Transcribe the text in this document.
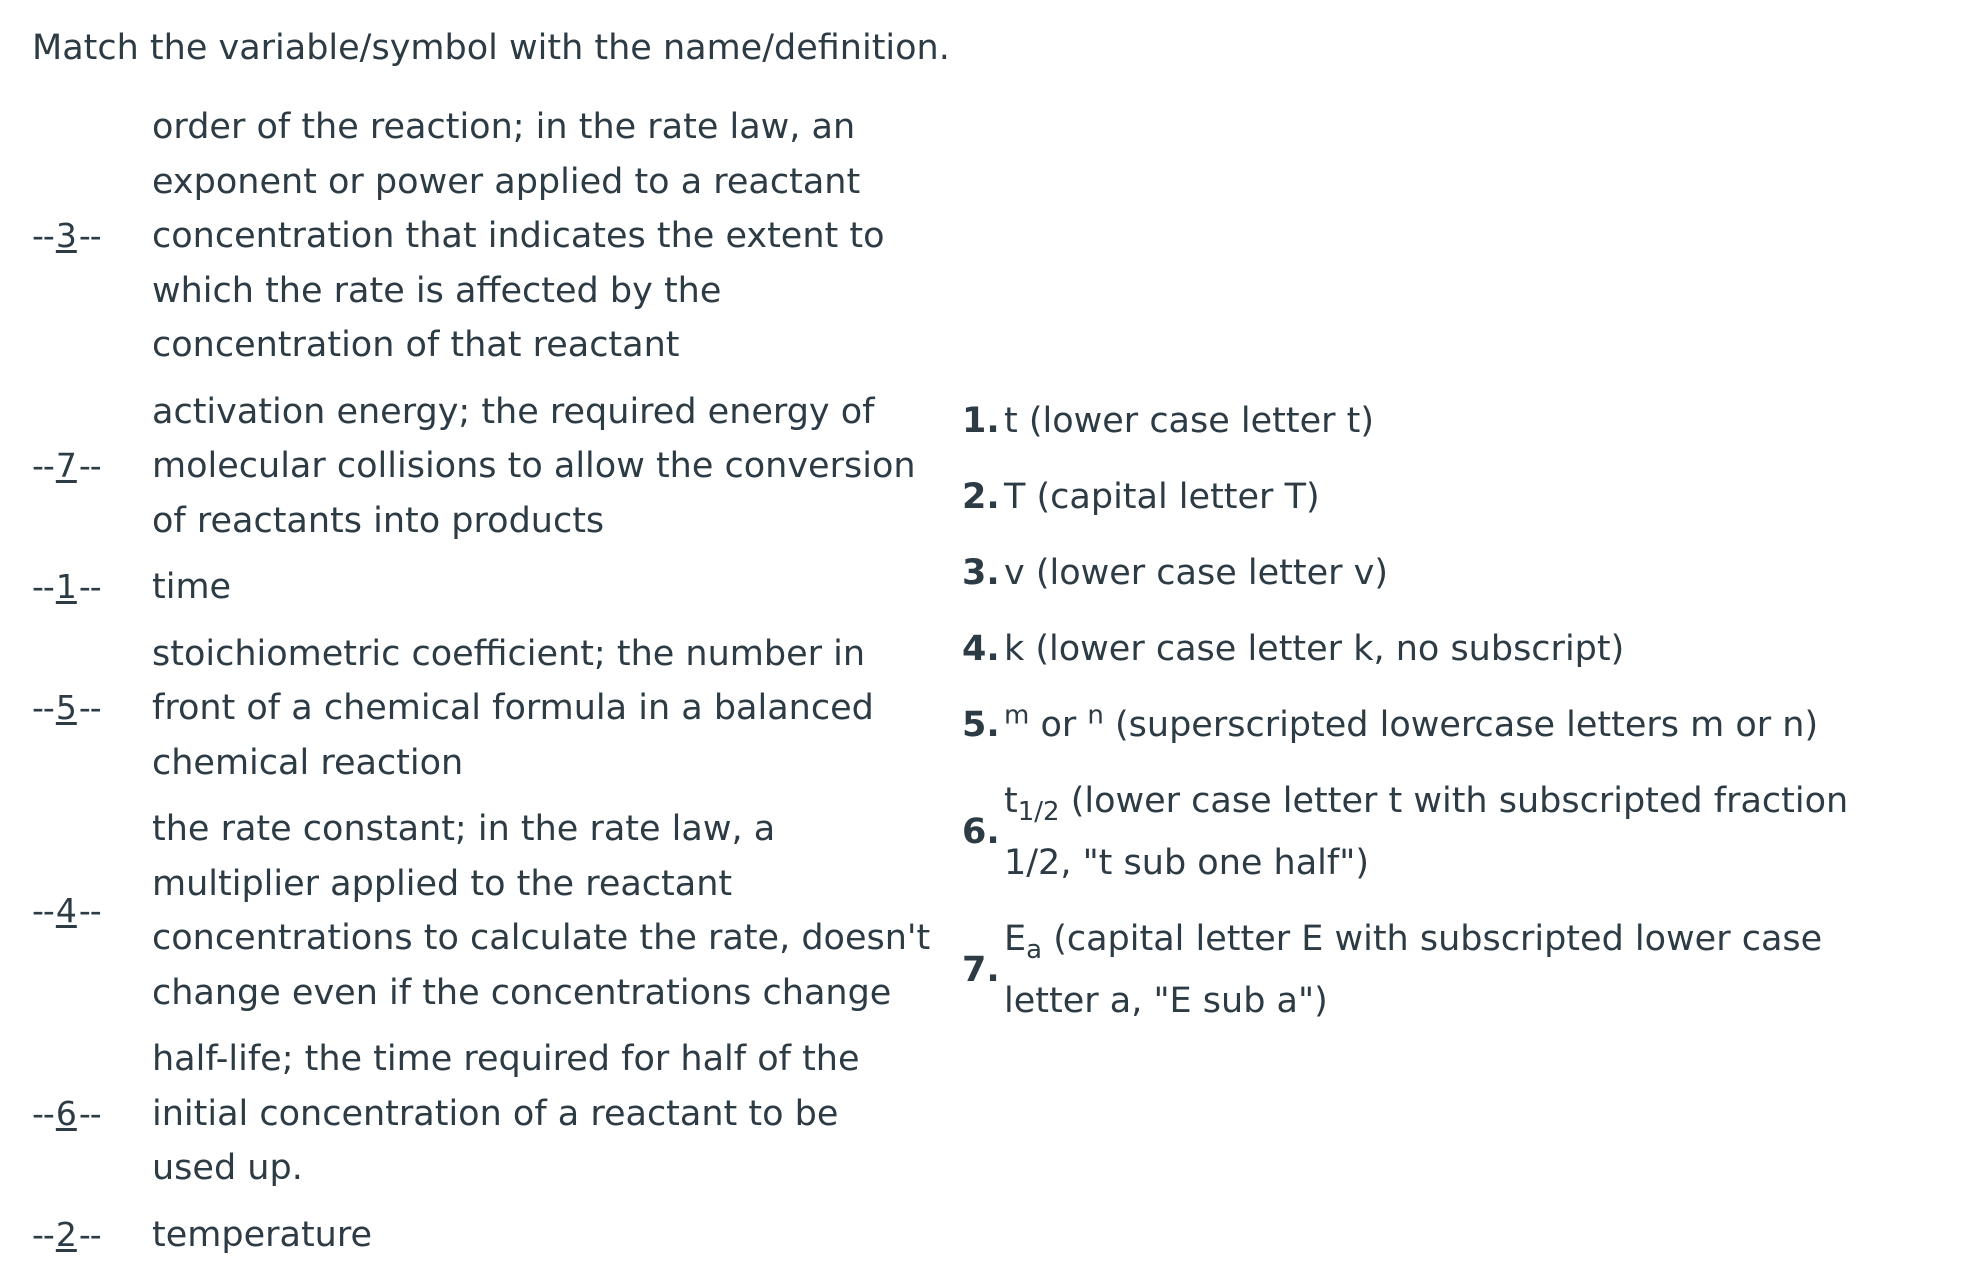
Match the variable/symbol with the name/definition.
--3--
order of the reaction; in the rate law, an exponent or power applied to a reactant concentration that indicates the extent to which the rate is affected by the concentration of that reactant
--7--
activation energy; the required energy of molecular collisions to allow the conversion of reactants into products
--1--	time
--5--
stoichiometric coefficient; the number in front of a chemical formula in a balanced chemical reaction
--4--
the rate constant; in the rate law, a multiplier applied to the reactant concentrations to calculate the rate, doesn't change even if the concentrations change
--6--
half-life; the time required for half of the initial concentration of a reactant to be used up.
--2--	temperature
1. t (lower case letter t)
2. T (capital letter T)
3. v (lower case letter v)
4. k (lower case letter k, no subscript)
5. $^m$ or $^n$ (superscripted lowercase letters m or n)
6.
$t_{1/2}$ (lower case letter t with subscripted fraction 1/2, "t sub one half")
7.
$E_a$ (capital letter E with subscripted lower case letter a, "E sub a")
